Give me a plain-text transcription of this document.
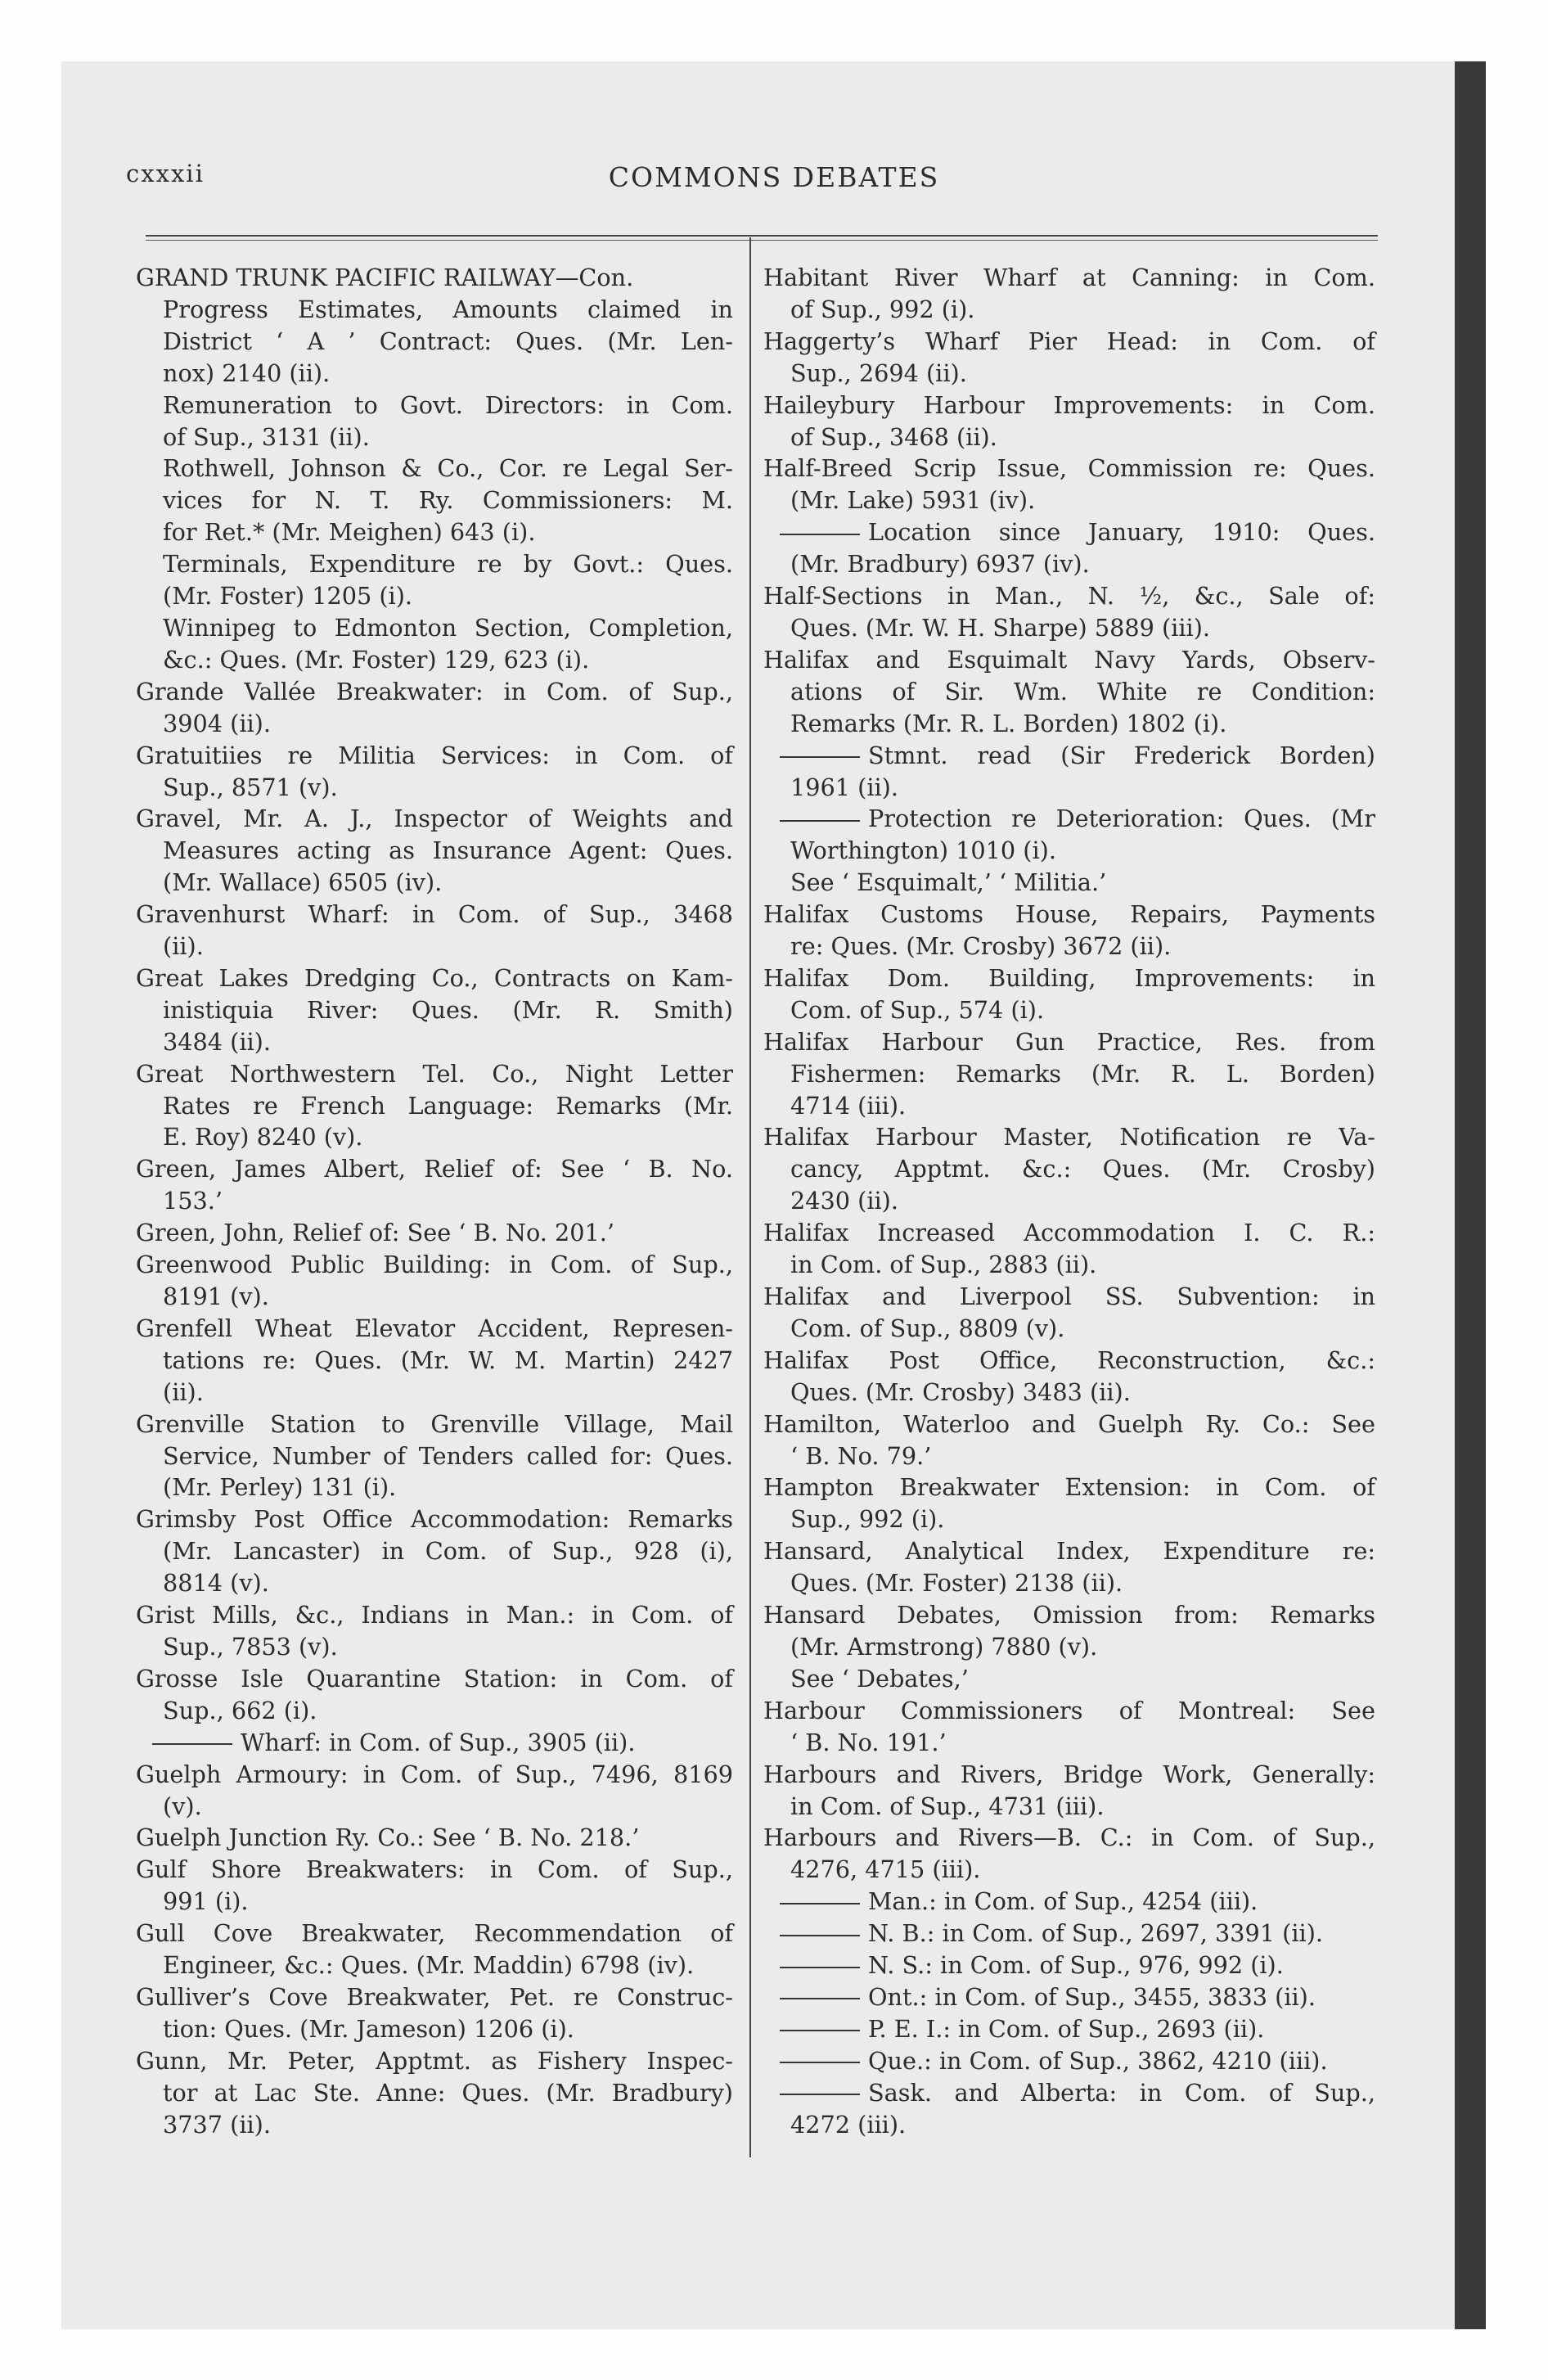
cxxxii	COMMONS DEBATES
GRAND TRUNK PACIFIC RAILWAY—Con.
Progress Estimates, Amounts claimed in
District ‘ A ’ Contract: Ques. (Mr. Len-
nox) 2140 (ii).
Remuneration to Govt. Directors: in Com.
of Sup., 3131 (ii).
Rothwell, Johnson & Co., Cor. re Legal Ser-
vices for N. T. Ry. Commissioners: M.
for Ret.* (Mr. Meighen) 643 (i).
Terminals, Expenditure re by Govt.: Ques.
(Mr. Foster) 1205 (i).
Winnipeg to Edmonton Section, Completion,
&c.: Ques. (Mr. Foster) 129, 623 (i).
Grande Vallée Breakwater: in Com. of Sup.,
3904 (ii).
Gratuitiies re Militia Services: in Com. of
Sup., 8571 (v).
Gravel, Mr. A. J., Inspector of Weights and
Measures acting as Insurance Agent: Ques.
(Mr. Wallace) 6505 (iv).
Gravenhurst Wharf: in Com. of Sup., 3468
(ii).
Great Lakes Dredging Co., Contracts on Kam-
inistiquia River: Ques. (Mr. R. Smith)
3484 (ii).
Great Northwestern Tel. Co., Night Letter
Rates re French Language: Remarks (Mr.
E. Roy) 8240 (v).
Green, James Albert, Relief of: See ‘ B. No.
153.’
Green, John, Relief of: See ‘ B. No. 201.’
Greenwood Public Building: in Com. of Sup.,
8191 (v).
Grenfell Wheat Elevator Accident, Represen-
tations re: Ques. (Mr. W. M. Martin) 2427
(ii).
Grenville Station to Grenville Village, Mail
Service, Number of Tenders called for: Ques.
(Mr. Perley) 131 (i).
Grimsby Post Office Accommodation: Remarks
(Mr. Lancaster) in Com. of Sup., 928 (i),
8814 (v).
Grist Mills, &c., Indians in Man.: in Com. of
Sup., 7853 (v).
Grosse Isle Quarantine Station: in Com. of
Sup., 662 (i).
Wharf: in Com. of Sup., 3905 (ii).
Guelph Armoury: in Com. of Sup., 7496, 8169
(v).
Guelph Junction Ry. Co.: See ‘ B. No. 218.’
Gulf Shore Breakwaters: in Com. of Sup.,
991 (i).
Gull Cove Breakwater, Recommendation of
Engineer, &c.: Ques. (Mr. Maddin) 6798 (iv).
Gulliver’s Cove Breakwater, Pet. re Construc-
tion: Ques. (Mr. Jameson) 1206 (i).
Gunn, Mr. Peter, Apptmt. as Fishery Inspec-
tor at Lac Ste. Anne: Ques. (Mr. Bradbury)
3737 (ii).
Habitant River Wharf at Canning: in Com.
of Sup., 992 (i).
Haggerty’s Wharf Pier Head: in Com. of
Sup., 2694 (ii).
Haileybury Harbour Improvements: in Com.
of Sup., 3468 (ii).
Half-Breed Scrip Issue, Commission re: Ques.
(Mr. Lake) 5931 (iv).
Location since January, 1910: Ques.
(Mr. Bradbury) 6937 (iv).
Half-Sections in Man., N. ½, &c., Sale of:
Ques. (Mr. W. H. Sharpe) 5889 (iii).
Halifax and Esquimalt Navy Yards, Observ-
ations of Sir. Wm. White re Condition:
Remarks (Mr. R. L. Borden) 1802 (i).
Stmnt. read (Sir Frederick Borden)
1961 (ii).
Protection re Deterioration: Ques. (Mr
Worthington) 1010 (i).
See ‘ Esquimalt,’ ‘ Militia.’
Halifax Customs House, Repairs, Payments
re: Ques. (Mr. Crosby) 3672 (ii).
Halifax Dom. Building, Improvements: in
Com. of Sup., 574 (i).
Halifax Harbour Gun Practice, Res. from
Fishermen: Remarks (Mr. R. L. Borden)
4714 (iii).
Halifax Harbour Master, Notification re Va-
cancy, Apptmt. &c.: Ques. (Mr. Crosby)
2430 (ii).
Halifax Increased Accommodation I. C. R.:
in Com. of Sup., 2883 (ii).
Halifax and Liverpool SS. Subvention: in
Com. of Sup., 8809 (v).
Halifax Post Office, Reconstruction, &c.:
Ques. (Mr. Crosby) 3483 (ii).
Hamilton, Waterloo and Guelph Ry. Co.: See
‘ B. No. 79.’
Hampton Breakwater Extension: in Com. of
Sup., 992 (i).
Hansard, Analytical Index, Expenditure re:
Ques. (Mr. Foster) 2138 (ii).
Hansard Debates, Omission from: Remarks
(Mr. Armstrong) 7880 (v).
See ‘ Debates,’
Harbour Commissioners of Montreal: See
‘ B. No. 191.’
Harbours and Rivers, Bridge Work, Generally:
in Com. of Sup., 4731 (iii).
Harbours and Rivers—B. C.: in Com. of Sup.,
4276, 4715 (iii).
Man.: in Com. of Sup., 4254 (iii).
N. B.: in Com. of Sup., 2697, 3391 (ii).
N. S.: in Com. of Sup., 976, 992 (i).
Ont.: in Com. of Sup., 3455, 3833 (ii).
P. E. I.: in Com. of Sup., 2693 (ii).
Que.: in Com. of Sup., 3862, 4210 (iii).
Sask. and Alberta: in Com. of Sup.,
4272 (iii).
